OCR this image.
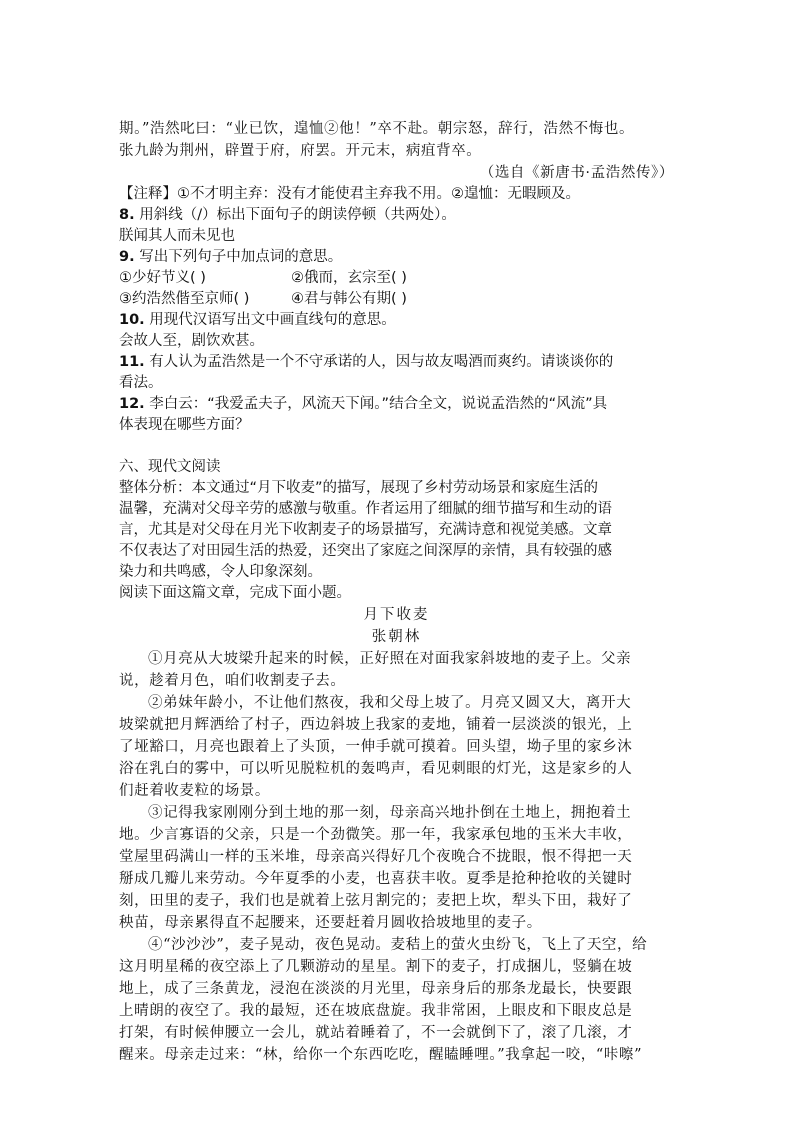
期。”浩然叱曰：“业已饮，遑恤②他！”卒不赴。朝宗怒，辞行，浩然不悔也。
张九龄为荆州，辟置于府，府罢。开元末，病疽背卒。
（选自《新唐书·孟浩然传》）
【注释】①不才明主弃：没有才能使君主弃我不用。②遑恤：无暇顾及。
8. 用斜线（/）标出下面句子的朗读停顿（共两处）。
朕闻其人而未见也
9. 写出下列句子中加点词的意思。
①少好节义( )	②俄而，玄宗至( )
③约浩然偕至京师( )	④君与韩公有期( )
10. 用现代汉语写出文中画直线句的意思。
会故人至，剧饮欢甚。
11. 有人认为孟浩然是一个不守承诺的人，因与故友喝酒而爽约。请谈谈你的
看法。
12. 李白云：“我爱孟夫子，风流天下闻。”结合全文，说说孟浩然的“风流”具
体表现在哪些方面？
六、现代文阅读
整体分析：本文通过“月下收麦”的描写，展现了乡村劳动场景和家庭生活的
温馨，充满对父母辛劳的感激与敬重。作者运用了细腻的细节描写和生动的语
言，尤其是对父母在月光下收割麦子的场景描写，充满诗意和视觉美感。文章
不仅表达了对田园生活的热爱，还突出了家庭之间深厚的亲情，具有较强的感
染力和共鸣感，令人印象深刻。
阅读下面这篇文章，完成下面小题。
月下收麦
张朝林
①月亮从大坡梁升起来的时候，正好照在对面我家斜坡地的麦子上。父亲
说，趁着月色，咱们收割麦子去。
②弟妹年龄小，不让他们熬夜，我和父母上坡了。月亮又圆又大，离开大
坡梁就把月辉洒给了村子，西边斜坡上我家的麦地，铺着一层淡淡的银光，上
了垭豁口，月亮也跟着上了头顶，一伸手就可摸着。回头望，坳子里的家乡沐
浴在乳白的雾中，可以听见脱粒机的轰鸣声，看见刺眼的灯光，这是家乡的人
们赶着收麦粒的场景。
③记得我家刚刚分到土地的那一刻，母亲高兴地扑倒在土地上，拥抱着土
地。少言寡语的父亲，只是一个劲微笑。那一年，我家承包地的玉米大丰收，
堂屋里码满山一样的玉米堆，母亲高兴得好几个夜晚合不拢眼，恨不得把一天
掰成几瓣儿来劳动。今年夏季的小麦，也喜获丰收。夏季是抢种抢收的关键时
刻，田里的麦子，我们也是就着上弦月割完的；麦把上坎，犁头下田，栽好了
秧苗，母亲累得直不起腰来，还要赶着月圆收拾坡地里的麦子。
④“沙沙沙”，麦子晃动，夜色晃动。麦秸上的萤火虫纷飞，飞上了天空，给
这月明星稀的夜空添上了几颗游动的星星。割下的麦子，打成捆儿，竖躺在坡
地上，成了三条黄龙，浸泡在淡淡的月光里，母亲身后的那条龙最长，快要跟
上晴朗的夜空了。我的最短，还在坡底盘旋。我非常困，上眼皮和下眼皮总是
打架，有时候伸腰立一会儿，就站着睡着了，不一会就倒下了，滚了几滚，才
醒来。母亲走过来：“林，给你一个东西吃吃，醒瞌睡哩。”我拿起一咬，“咔嚓”
